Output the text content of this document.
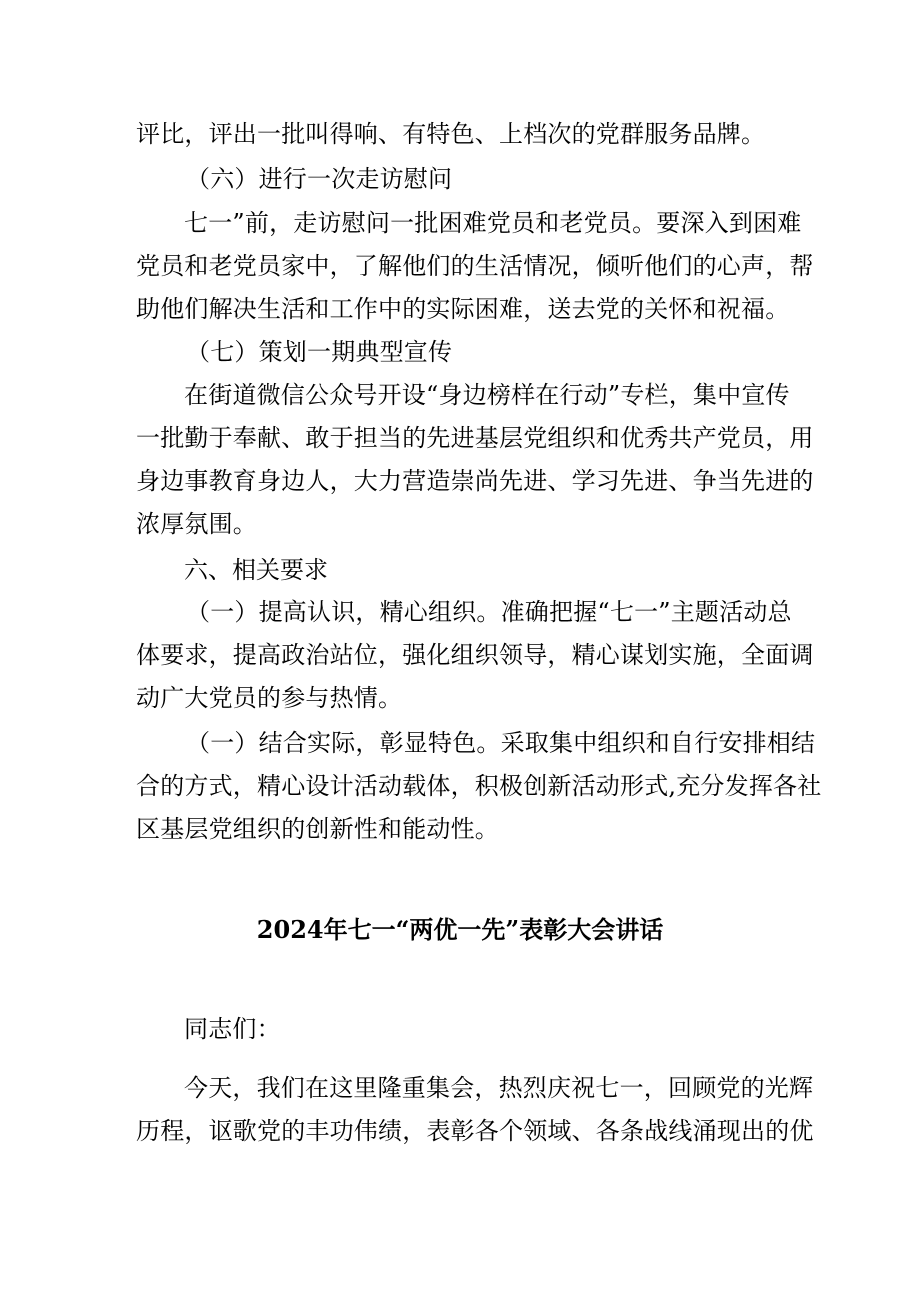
评比，评出一批叫得响、有特色、上档次的党群服务品牌。
（六）进行一次走访慰问
七一”前，走访慰问一批困难党员和老党员。要深入到困难
党员和老党员家中，了解他们的生活情况，倾听他们的心声，帮
助他们解决生活和工作中的实际困难，送去党的关怀和祝福。
（七）策划一期典型宣传
在街道微信公众号开设“身边榜样在行动”专栏，集中宣传
一批勤于奉献、敢于担当的先进基层党组织和优秀共产党员，用
身边事教育身边人，大力营造崇尚先进、学习先进、争当先进的
浓厚氛围。
六、相关要求
（一）提高认识，精心组织。准确把握“七一”主题活动总
体要求，提高政治站位，强化组织领导，精心谋划实施，全面调
动广大党员的参与热情。
（一）结合实际，彰显特色。采取集中组织和自行安排相结
合的方式，精心设计活动载体，积极创新活动形式,充分发挥各社
区基层党组织的创新性和能动性。
2024年七一“两优一先”表彰大会讲话
同志们：
今天，我们在这里隆重集会，热烈庆祝七一，回顾党的光辉
历程，讴歌党的丰功伟绩，表彰各个领域、各条战线涌现出的优
